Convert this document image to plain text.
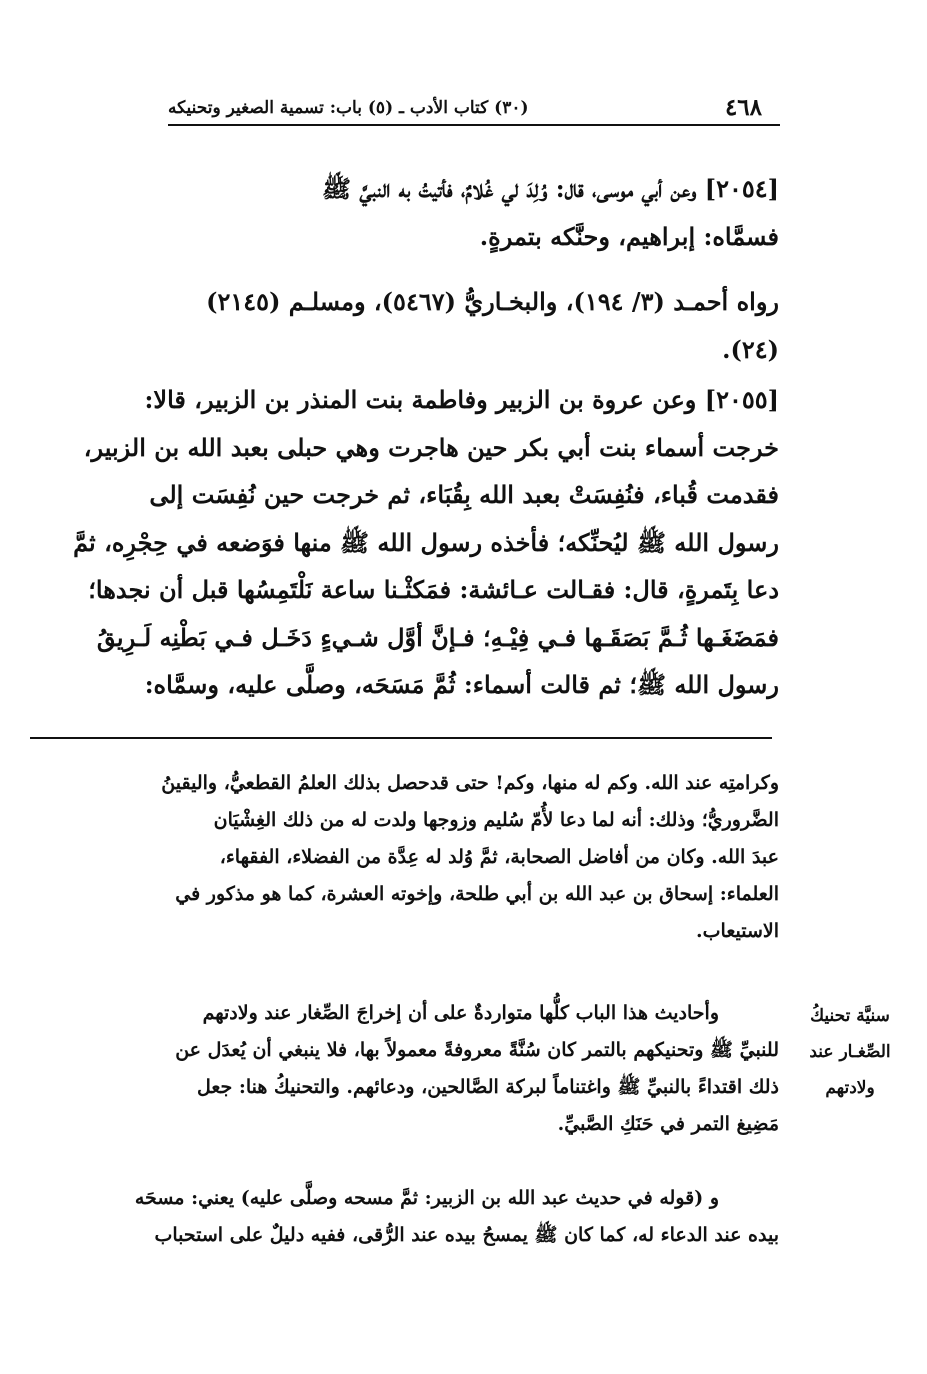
٤٦٨
(٣٠) كتاب الأدب ـ (٥) باب: تسمية الصغير وتحنيكه

[٢٠٥٤] وعن أبي موسى، قال: وُلِدَ لي غُلامٌ، فأتيتُ به النبيَّ ﷺ

فسمَّاه: إبراهيم، وحنَّكه بتمرةٍ.

رواه أحمـد (٣/ ١٩٤)، والبخـاريُّ (٥٤٦٧)، ومسلـم (٢١٤٥)

(٢٤).

[٢٠٥٥] وعن عروة بن الزبير وفاطمة بنت المنذر بن الزبير، قالا:

خرجت أسماء بنت أبي بكر حين هاجرت وهي حبلى بعبد الله بن الزبير،

فقدمت قُباء، فنُفِسَتْ بعبد الله بِقُبَاء، ثم خرجت حين نُفِسَت إلى

رسول الله ﷺ ليُحنِّكه؛ فأخذه رسول الله ﷺ منها فوَضعه في حِجْرِه، ثمَّ

دعا بِتَمرةٍ، قال: فقـالت عـائشة: فمَكثْـنا ساعة نَلْتَمِسُها قبل أن نجدها؛

فمَضَغَـها ثُـمَّ بَصَقَـها فـي فِيْـهِ؛ فـإنَّ أوَّل شـيءٍ دَخَـل فـي بَطْنِه لَـرِيقُ

رسول الله ﷺ؛ ثم قالت أسماء: ثُمَّ مَسَحَه، وصلَّى عليه، وسمَّاه:

وكرامتِه عند الله. وكم له منها، وكم! حتى قدحصل بذلك العلمُ القطعيُّ، واليقينُ

الضَّروريُّ؛ وذلك: أنه لما دعا لأُمّ سُليم وزوجها ولدت له من ذلك الغِشْيَان

عبدَ الله. وكان من أفاضل الصحابة، ثمَّ وُلد له عِدَّة من الفضلاء، الفقهاء،

العلماء: إسحاق بن عبد الله بن أبي طلحة، وإخوته العشرة، كما هو مذكور في

الاستيعاب.

وأحاديث هذا الباب كلُّها متواردةٌ على أن إخراجَ الصِّغار عند ولادتهم

للنبيِّ ﷺ وتحنيكهم بالتمر كان سُنَّةً معروفةً معمولاً بها، فلا ينبغي أن يُعدَل عن

ذلك اقتداءً بالنبيِّ ﷺ واغتناماً لبركة الصَّالحين، ودعائهم. والتحنيكُ هنا: جعل

مَضِيغ التمر في حَنَكِ الصَّبيِّ.

و (قوله في حديث عبد الله بن الزبير: ثمَّ مسحه وصلَّى عليه) يعني: مسحَه

بيده عند الدعاء له، كما كان ﷺ يمسحُ بيده عند الرُّقى، ففيه دليلٌ على استحباب

سنيَّة تحنيكُ
الصِّغـار عند
ولادتهم
